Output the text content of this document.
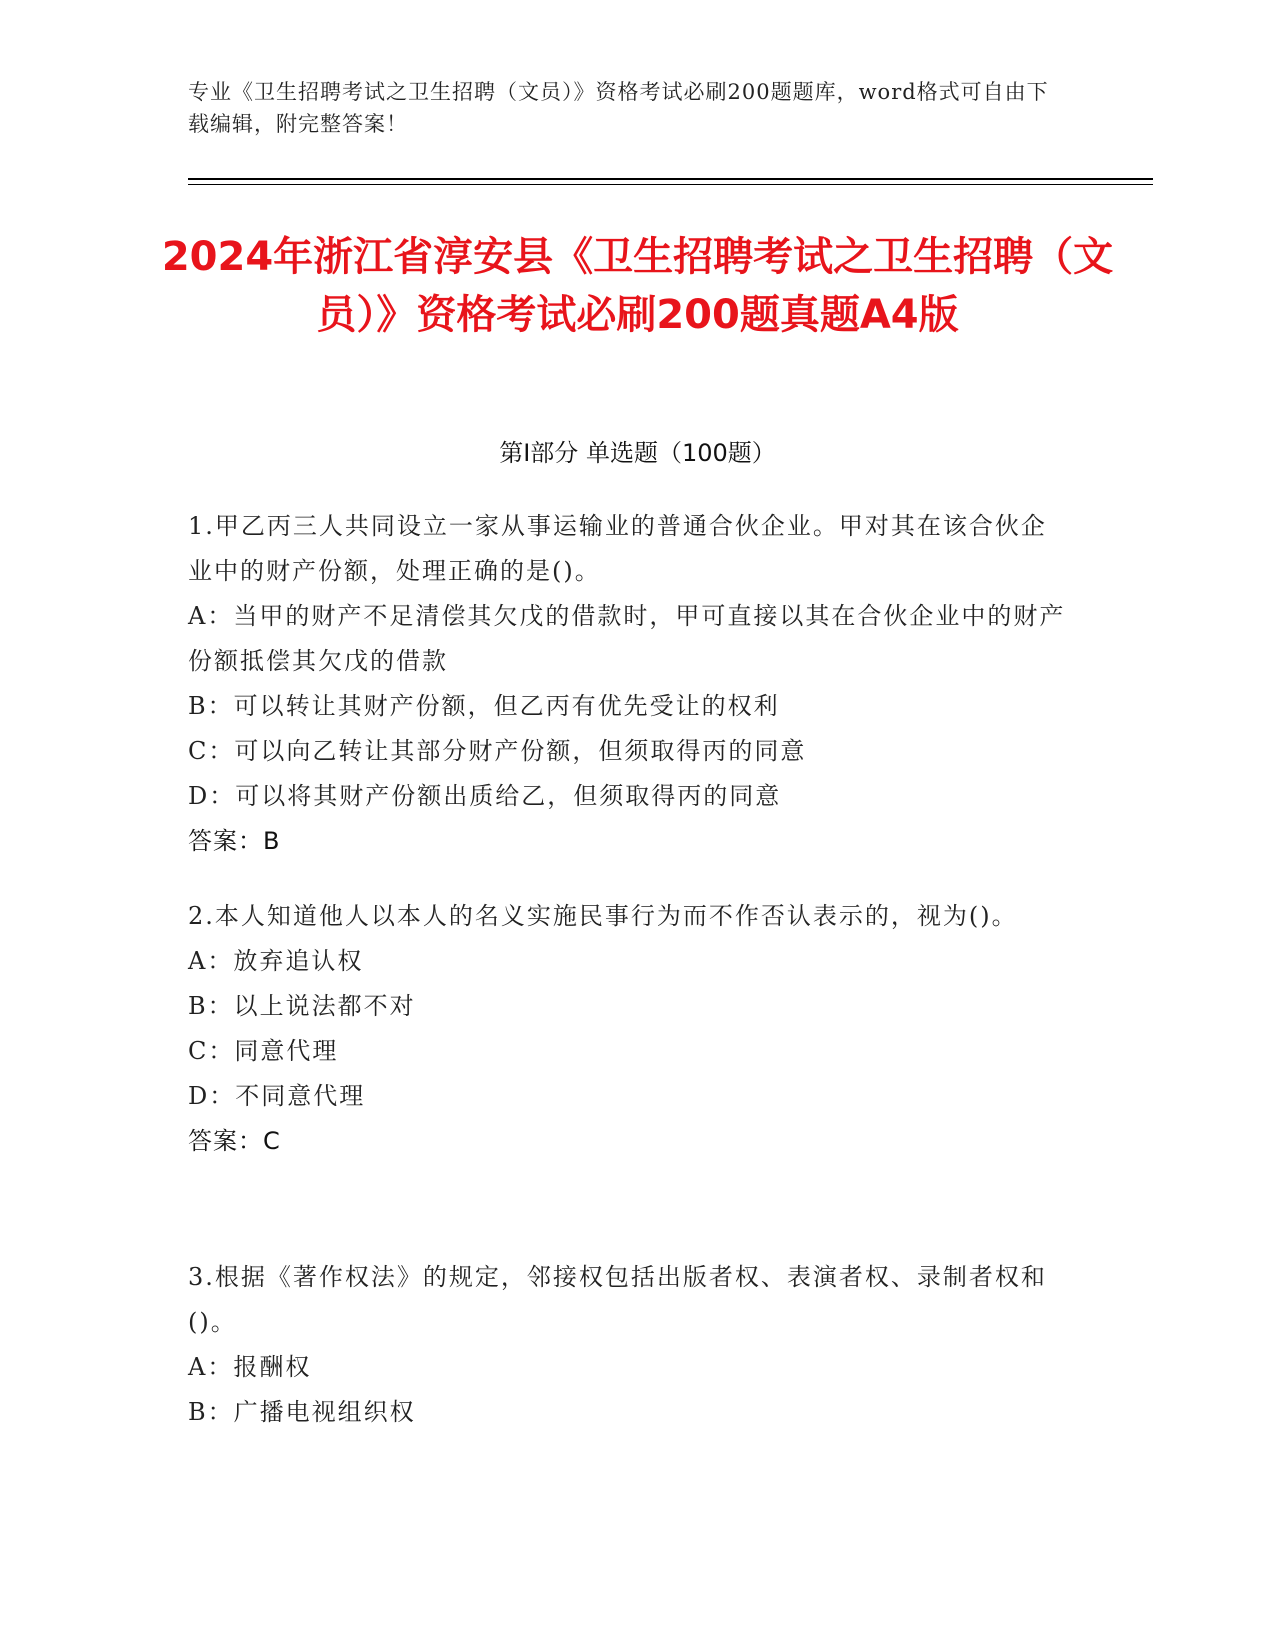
专业《卫生招聘考试之卫生招聘（文员）》资格考试必刷200题题库，word格式可自由下载编辑，附完整答案！
2024年浙江省淳安县《卫生招聘考试之卫生招聘（文员）》资格考试必刷200题真题A4版
第I部分 单选题（100题）

1.甲乙丙三人共同设立一家从事运输业的普通合伙企业。甲对其在该合伙企业中的财产份额，处理正确的是()。

A：当甲的财产不足清偿其欠戊的借款时，甲可直接以其在合伙企业中的财产份额抵偿其欠戊的借款

B：可以转让其财产份额，但乙丙有优先受让的权利

C：可以向乙转让其部分财产份额，但须取得丙的同意

D：可以将其财产份额出质给乙，但须取得丙的同意

答案：B

2.本人知道他人以本人的名义实施民事行为而不作否认表示的，视为()。

A：放弃追认权

B：以上说法都不对

C：同意代理

D：不同意代理

答案：C

3.根据《著作权法》的规定，邻接权包括出版者权、表演者权、录制者权和()。

A：报酬权

B：广播电视组织权
